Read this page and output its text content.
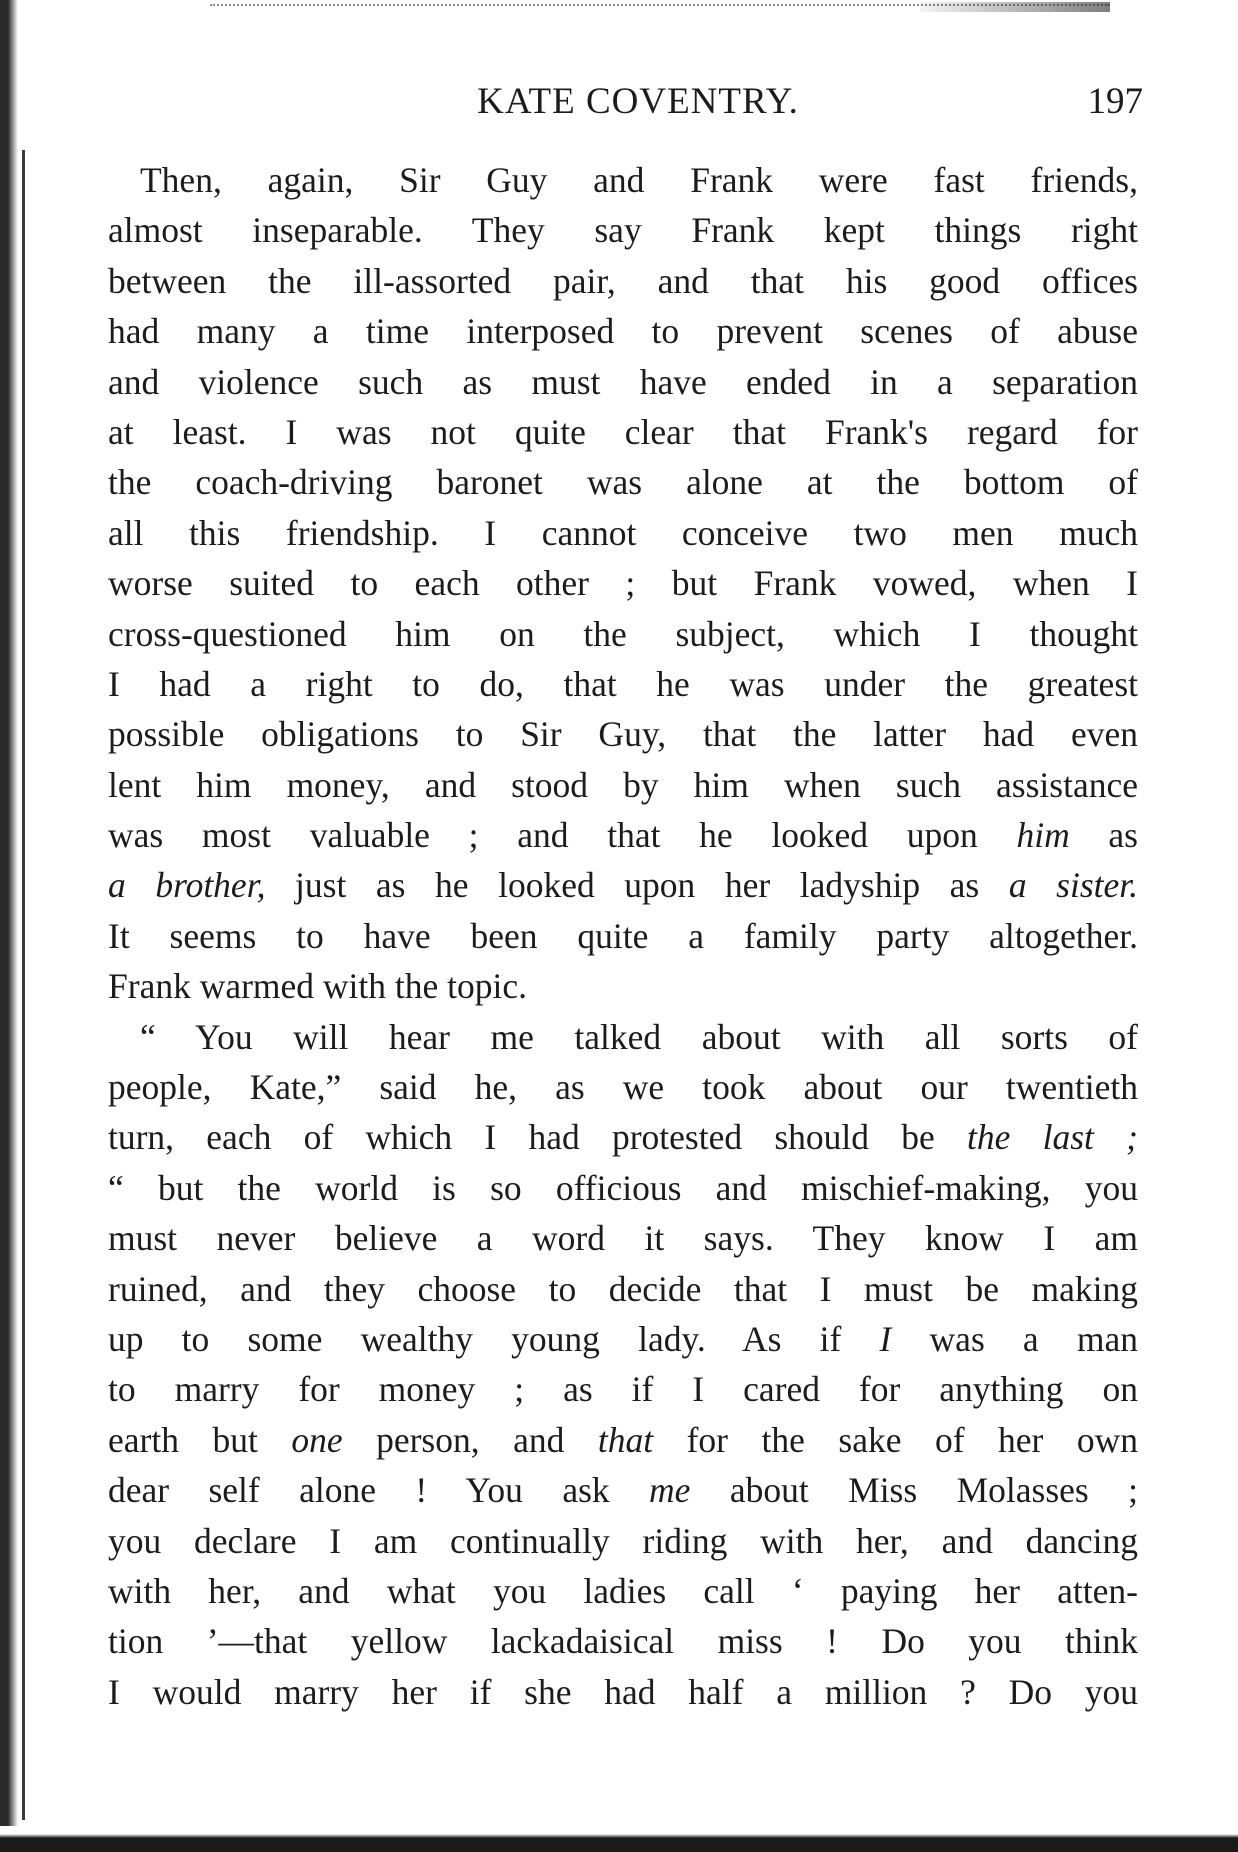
KATE COVENTRY.	197
Then, again, Sir Guy and Frank were fast friends,
almost inseparable. They say Frank kept things right
between the ill-assorted pair, and that his good offices
had many a time interposed to prevent scenes of abuse
and violence such as must have ended in a separation
at least. I was not quite clear that Frank's regard for
the coach-driving baronet was alone at the bottom of
all this friendship. I cannot conceive two men much
worse suited to each other ; but Frank vowed, when I
cross-questioned him on the subject, which I thought
I had a right to do, that he was under the greatest
possible obligations to Sir Guy, that the latter had even
lent him money, and stood by him when such assistance
was most valuable ; and that he looked upon him as
a brother, just as he looked upon her ladyship as a sister.
It seems to have been quite a family party altogether.
Frank warmed with the topic.
“ You will hear me talked about with all sorts of
people, Kate,” said he, as we took about our twentieth
turn, each of which I had protested should be the last ;
“ but the world is so officious and mischief-making, you
must never believe a word it says. They know I am
ruined, and they choose to decide that I must be making
up to some wealthy young lady. As if I was a man
to marry for money ; as if I cared for anything on
earth but one person, and that for the sake of her own
dear self alone ! You ask me about Miss Molasses ;
you declare I am continually riding with her, and dancing
with her, and what you ladies call ‘ paying her atten-
tion ’—that yellow lackadaisical miss ! Do you think
I would marry her if she had half a million ? Do you
